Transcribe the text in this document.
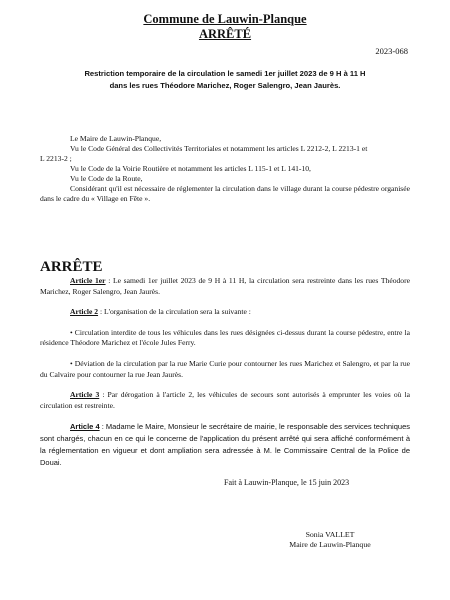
Commune de Lauwin-Planque
ARRÊTÉ
2023-068
Restriction temporaire de la circulation le samedi 1er juillet 2023 de 9 H à 11 H
dans les rues Théodore Marichez, Roger Salengro, Jean Jaurès.

Le Maire de Lauwin-Planque,

Vu le Code Général des Collectivités Territoriales et notamment les articles L 2212-2, L 2213-1 et

L 2213-2 ;

Vu le Code de la Voirie Routière et notamment les articles L 115-1 et L 141-10,

Vu le Code de la Route,

Considérant qu'il est nécessaire de réglementer la circulation dans le village durant la course pédestre organisée dans le cadre du « Village en Fête ».

ARRÊTE

Article 1er : Le samedi 1er juillet 2023 de 9 H à 11 H, la circulation sera restreinte dans les rues Théodore Marichez, Roger Salengro, Jean Jaurès.

Article 2 : L'organisation de la circulation sera la suivante :

• Circulation interdite de tous les véhicules dans les rues désignées ci-dessus durant la course pédestre, entre la résidence Théodore Marichez et l'école Jules Ferry.

• Déviation de la circulation par la rue Marie Curie pour contourner les rues Marichez et Salengro, et par la rue du Calvaire pour contourner la rue Jean Jaurès.

Article 3 : Par dérogation à l'article 2, les véhicules de secours sont autorisés à emprunter les voies où la circulation est restreinte.

Article 4 : Madame le Maire, Monsieur le secrétaire de mairie, le responsable des services techniques sont chargés, chacun en ce qui le concerne de l'application du présent arrêté qui sera affiché conformément à la réglementation en vigueur et dont ampliation sera adressée à M. le Commissaire Central de la Police de Douai.

Fait à Lauwin-Planque, le 15 juin 2023
Sonia VALLET
Maire de Lauwin-Planque
